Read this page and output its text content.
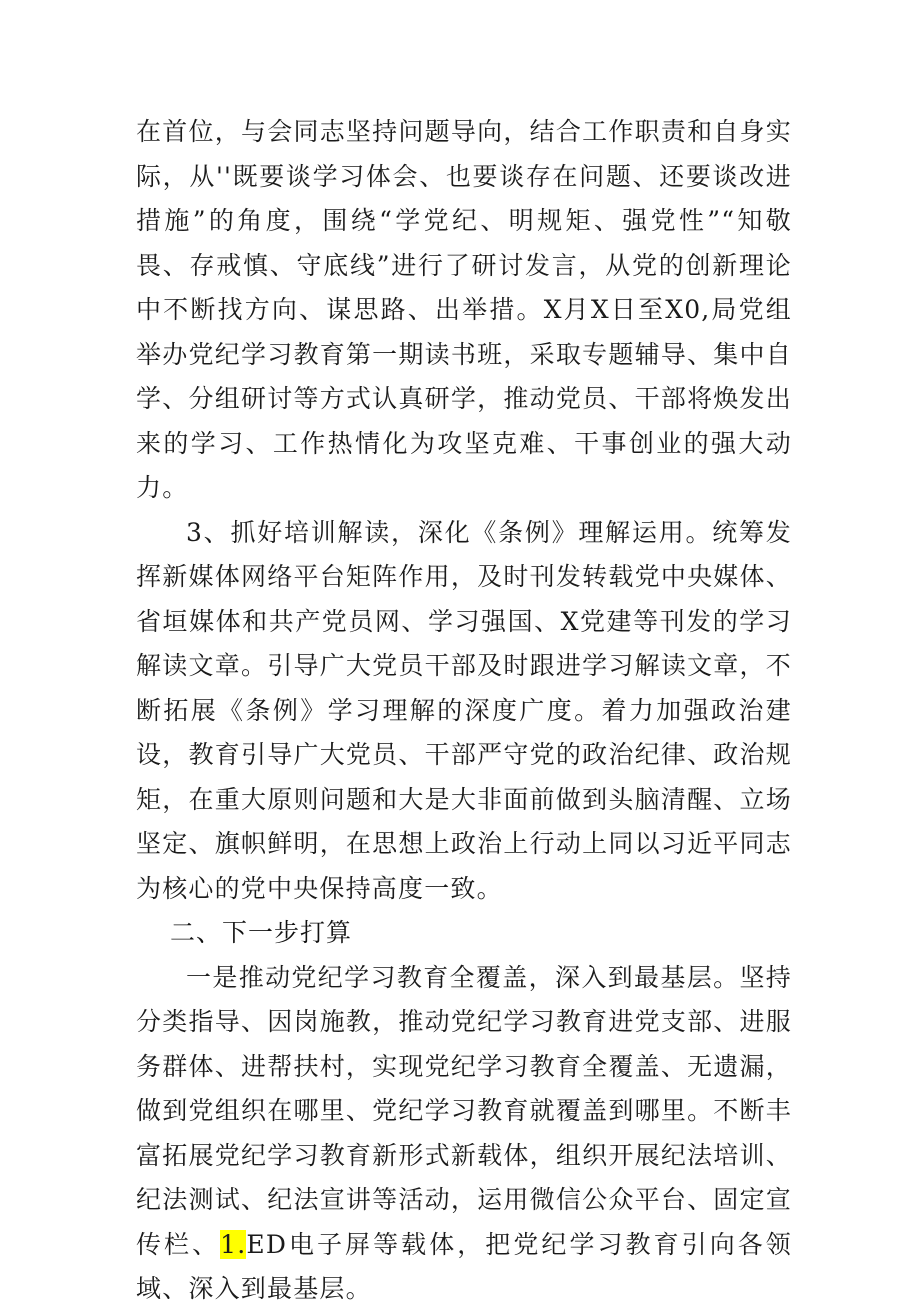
在首位，与会同志坚持问题导向，结合工作职责和自身实际，从''既要谈学习体会、也要谈存在问题、还要谈改进措施”的角度，围绕“学党纪、明规矩、强党性”“知敬畏、存戒慎、守底线”进行了研讨发言，从党的创新理论中不断找方向、谋思路、出举措。X月X日至X0,局党组举办党纪学习教育第一期读书班，采取专题辅导、集中自学、分组研讨等方式认真研学，推动党员、干部将焕发出来的学习、工作热情化为攻坚克难、干事创业的强大动力。

3、抓好培训解读，深化《条例》理解运用。统筹发挥新媒体网络平台矩阵作用，及时刊发转载党中央媒体、省垣媒体和共产党员网、学习强国、X党建等刊发的学习解读文章。引导广大党员干部及时跟进学习解读文章，不断拓展《条例》学习理解的深度广度。着力加强政治建设，教育引导广大党员、干部严守党的政治纪律、政治规矩，在重大原则问题和大是大非面前做到头脑清醒、立场坚定、旗帜鲜明，在思想上政治上行动上同以习近平同志为核心的党中央保持高度一致。

二、下一步打算

一是推动党纪学习教育全覆盖，深入到最基层。坚持分类指导、因岗施教，推动党纪学习教育进党支部、进服务群体、进帮扶村，实现党纪学习教育全覆盖、无遗漏，做到党组织在哪里、党纪学习教育就覆盖到哪里。不断丰富拓展党纪学习教育新形式新载体，组织开展纪法培训、纪法测试、纪法宣讲等活动，运用微信公众平台、固定宣传栏、1.ED电子屏等载体，把党纪学习教育引向各领域、深入到最基层。
